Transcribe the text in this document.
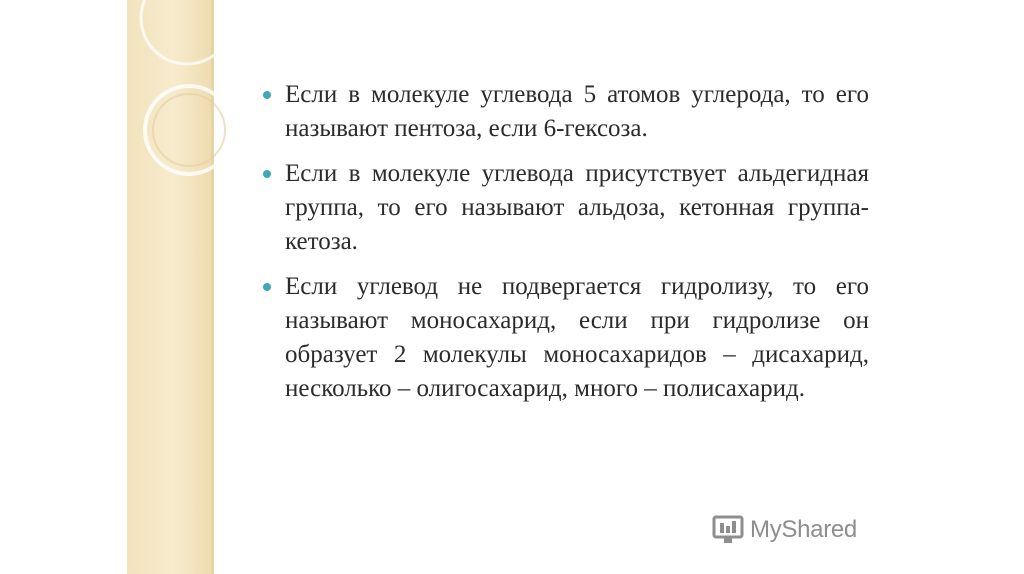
Если в молекуле углевода 5 атомов углерода, то его называют пентоза, если 6-гексоза.
Если в молекуле углевода присутствует альдегидная группа, то его называют альдоза, кетонная группа- кетоза.
Если углевод не подвергается гидролизу, то его называют моносахарид, если при гидролизе он образует 2 молекулы моносахаридов – дисахарид, несколько – олигосахарид, много – полисахарид.
MyShared
